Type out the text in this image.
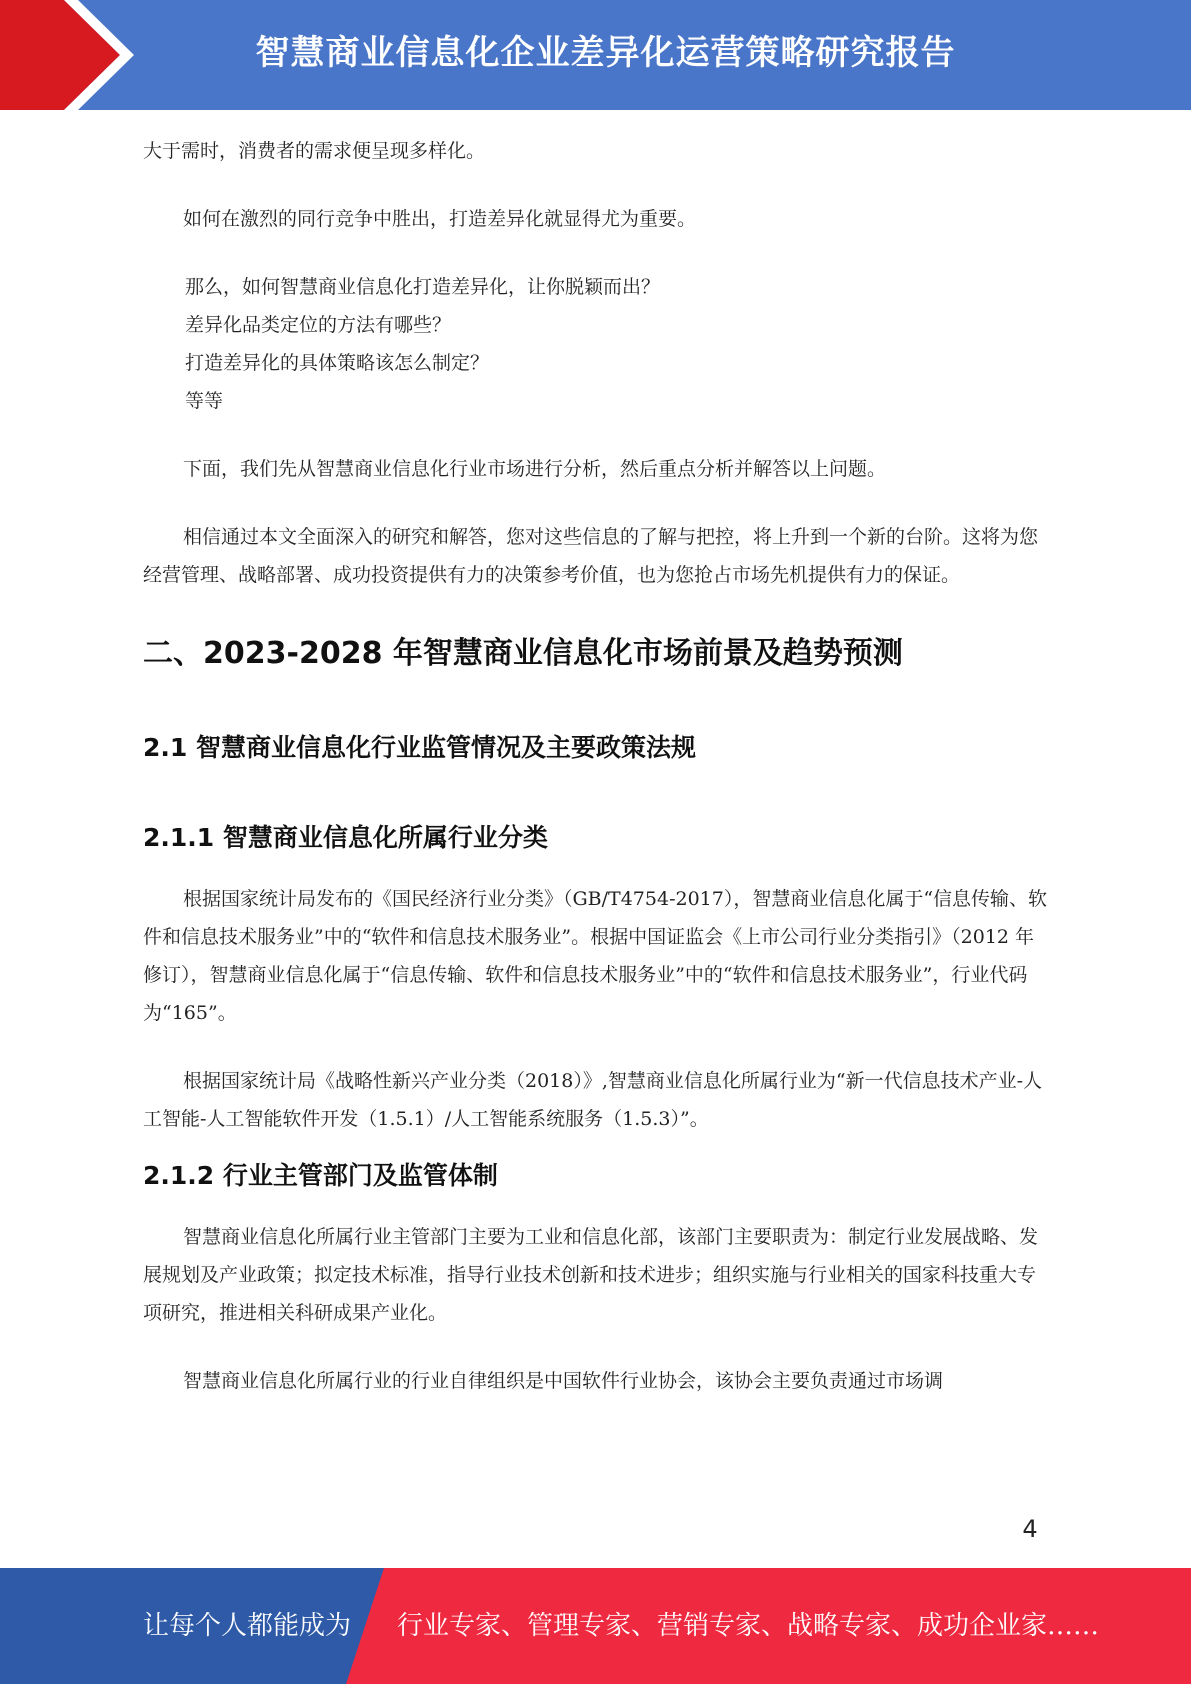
智慧商业信息化企业差异化运营策略研究报告

大于需时，消费者的需求便呈现多样化。

如何在激烈的同行竞争中胜出，打造差异化就显得尤为重要。

那么，如何智慧商业信息化打造差异化，让你脱颖而出？
差异化品类定位的方法有哪些？
打造差异化的具体策略该怎么制定？
等等

下面，我们先从智慧商业信息化行业市场进行分析，然后重点分析并解答以上问题。

相信通过本文全面深入的研究和解答，您对这些信息的了解与把控，将上升到一个新的台阶。这将为您经营管理、战略部署、成功投资提供有力的决策参考价值，也为您抢占市场先机提供有力的保证。

二、2023-2028 年智慧商业信息化市场前景及趋势预测
2.1 智慧商业信息化行业监管情况及主要政策法规
2.1.1 智慧商业信息化所属行业分类

根据国家统计局发布的《国民经济行业分类》（GB/T4754-2017），智慧商业信息化属于“信息传输、软件和信息技术服务业”中的“软件和信息技术服务业”。根据中国证监会《上市公司行业分类指引》（2012 年修订），智慧商业信息化属于“信息传输、软件和信息技术服务业”中的“软件和信息技术服务业”，行业代码为“165”。

根据国家统计局《战略性新兴产业分类（2018）》,智慧商业信息化所属行业为“新一代信息技术产业-人工智能-人工智能软件开发（1.5.1）/人工智能系统服务（1.5.3）”。

2.1.2 行业主管部门及监管体制

智慧商业信息化所属行业主管部门主要为工业和信息化部，该部门主要职责为：制定行业发展战略、发展规划及产业政策；拟定技术标准，指导行业技术创新和技术进步；组织实施与行业相关的国家科技重大专项研究，推进相关科研成果产业化。

智慧商业信息化所属行业的行业自律组织是中国软件行业协会，该协会主要负责通过市场调

4
让每个人都能成为 行业专家、管理专家、营销专家、战略专家、成功企业家……
